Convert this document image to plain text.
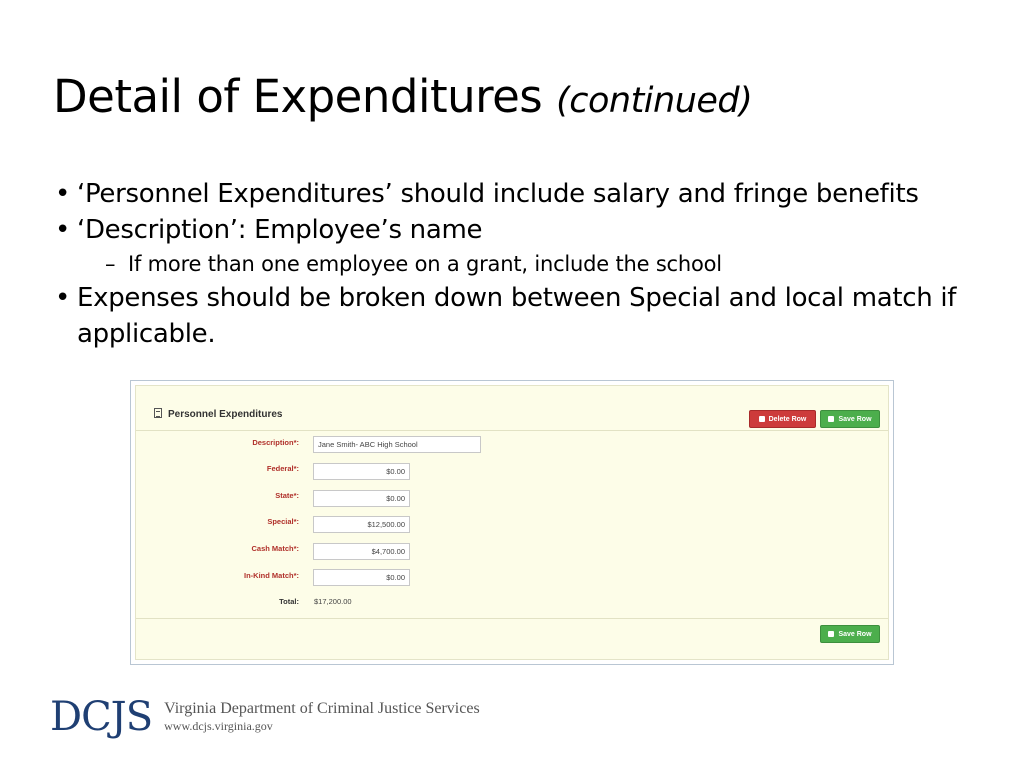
Detail of Expenditures (continued)
• ‘Personnel Expenditures’ should include salary and fringe benefits
• ‘Description’: Employee’s name
– If more than one employee on a grant, include the school
• Expenses should be broken down between Special and local match if applicable.
Personnel Expenditures	Delete Row	Save Row
Description*:	Jane Smith- ABC High School
Federal*:	$0.00
State*:	$0.00
Special*:	$12,500.00
Cash Match*:	$4,700.00
In-Kind Match*:	$0.00
Total: $17,200.00
Save Row
DCJS Virginia Department of Criminal Justice Services
www.dcjs.virginia.gov
